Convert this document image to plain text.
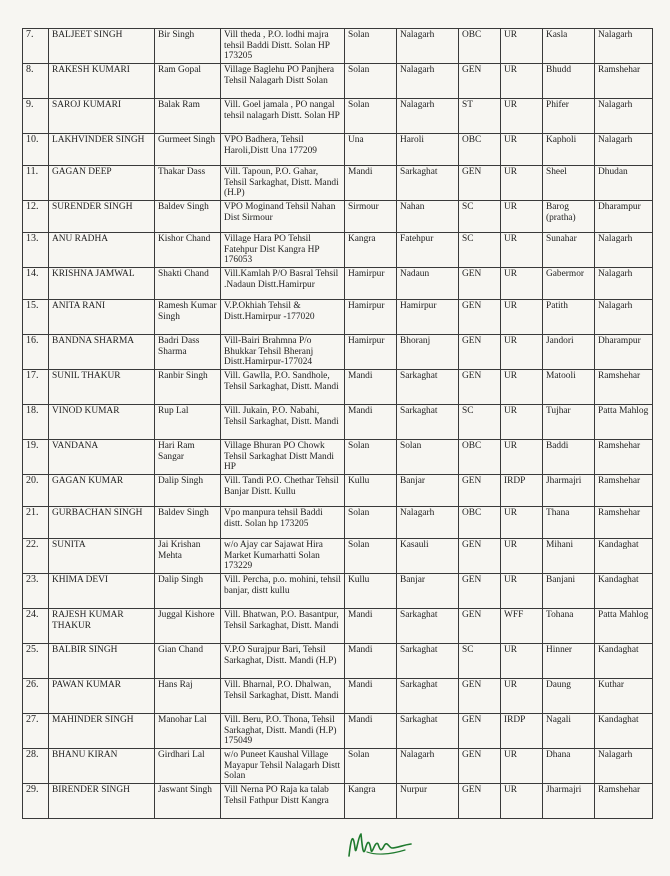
7.	BALJEET SINGH	Bir Singh	Vill theda , P.O. lodhi majra tehsil Baddi Distt. Solan HP 173205	Solan	Nalagarh	OBC	UR	Kasla	Nalagarh
8.	RAKESH KUMARI	Ram Gopal	Village Baglehu PO Panjhera Tehsil Nalagarh Distt Solan	Solan	Nalagarh	GEN	UR	Bhudd	Ramshehar
9.	SAROJ KUMARI	Balak Ram	Vill. Goel jamala , PO nangal tehsil nalagarh Distt. Solan HP	Solan	Nalagarh	ST	UR	Phifer	Nalagarh
10.	LAKHVINDER SINGH	Gurmeet Singh	VPO Badhera, Tehsil Haroli,Distt Una 177209	Una	Haroli	OBC	UR	Kapholi	Nalagarh
11.	GAGAN DEEP	Thakar Dass	Vill. Tapoun, P.O. Gahar, Tehsil Sarkaghat, Distt. Mandi (H.P)	Mandi	Sarkaghat	GEN	UR	Sheel	Dhudan
12.	SURENDER SINGH	Baldev Singh	VPO Moginand Tehsil Nahan Dist Sirmour	Sirmour	Nahan	SC	UR	Barog (pratha)	Dharampur
13.	ANU RADHA	Kishor Chand	Village Hara PO Tehsil Fatehpur Dist Kangra HP 176053	Kangra	Fatehpur	SC	UR	Sunahar	Nalagarh
14.	KRISHNA JAMWAL	Shakti Chand	Vill.Kamlah P/O Basral Tehsil .Nadaun Distt.Hamirpur	Hamirpur	Nadaun	GEN	UR	Gabermor	Nalagarh
15.	ANITA RANI	Ramesh Kumar Singh	V.P.Okhiah Tehsil & Distt.Hamirpur -177020	Hamirpur	Hamirpur	GEN	UR	Patith	Nalagarh
16.	BANDNA SHARMA	Badri Dass Sharma	Vill-Bairi Brahmna P/o Bhukkar Tehsil Bheranj Distt.Hamirpur-177024	Hamirpur	Bhoranj	GEN	UR	Jandori	Dharampur
17.	SUNIL THAKUR	Ranbir Singh	Vill. Gawlla, P.O. Sandhole, Tehsil Sarkaghat, Distt. Mandi	Mandi	Sarkaghat	GEN	UR	Matooli	Ramshehar
18.	VINOD KUMAR	Rup Lal	Vill. Jukain, P.O. Nabahi, Tehsil Sarkaghat, Distt. Mandi	Mandi	Sarkaghat	SC	UR	Tujhar	Patta Mahlog
19.	VANDANA	Hari Ram Sangar	Village Bhuran PO Chowk Tehsil Sarkaghat Distt Mandi HP	Solan	Solan	OBC	UR	Baddi	Ramshehar
20.	GAGAN KUMAR	Dalip Singh	Vill. Tandi P.O. Chethar Tehsil Banjar Distt. Kullu	Kullu	Banjar	GEN	IRDP	Jharmajri	Ramshehar
21.	GURBACHAN SINGH	Baldev Singh	Vpo manpura tehsil Baddi distt. Solan hp 173205	Solan	Nalagarh	OBC	UR	Thana	Ramshehar
22.	SUNITA	Jai Krishan Mehta	w/o Ajay car Sajawat Hira Market Kumarhatti Solan 173229	Solan	Kasauli	GEN	UR	Mihani	Kandaghat
23.	KHIMA DEVI	Dalip Singh	Vill. Percha, p.o. mohini, tehsil banjar, distt kullu	Kullu	Banjar	GEN	UR	Banjani	Kandaghat
24.	RAJESH KUMAR THAKUR	Juggal Kishore	Vill. Bhatwan, P.O. Basantpur, Tehsil Sarkaghat, Distt. Mandi	Mandi	Sarkaghat	GEN	WFF	Tohana	Patta Mahlog
25.	BALBIR SINGH	Gian Chand	V.P.O Surajpur Bari, Tehsil Sarkaghat, Distt. Mandi (H.P)	Mandi	Sarkaghat	SC	UR	Hinner	Kandaghat
26.	PAWAN KUMAR	Hans Raj	Vill. Bharnal, P.O. Dhalwan, Tehsil Sarkaghat, Distt. Mandi	Mandi	Sarkaghat	GEN	UR	Daung	Kuthar
27.	MAHINDER SINGH	Manohar Lal	Vill. Beru, P.O. Thona, Tehsil Sarkaghat, Distt. Mandi (H.P) 175049	Mandi	Sarkaghat	GEN	IRDP	Nagali	Kandaghat
28.	BHANU KIRAN	Girdhari Lal	w/o Puneet Kaushal Village Mayapur Tehsil Nalagarh Distt Solan	Solan	Nalagarh	GEN	UR	Dhana	Nalagarh
29.	BIRENDER SINGH	Jaswant Singh	Vill Nerna PO Raja ka talab Tehsil Fathpur Distt Kangra	Kangra	Nurpur	GEN	UR	Jharmajri	Ramshehar
